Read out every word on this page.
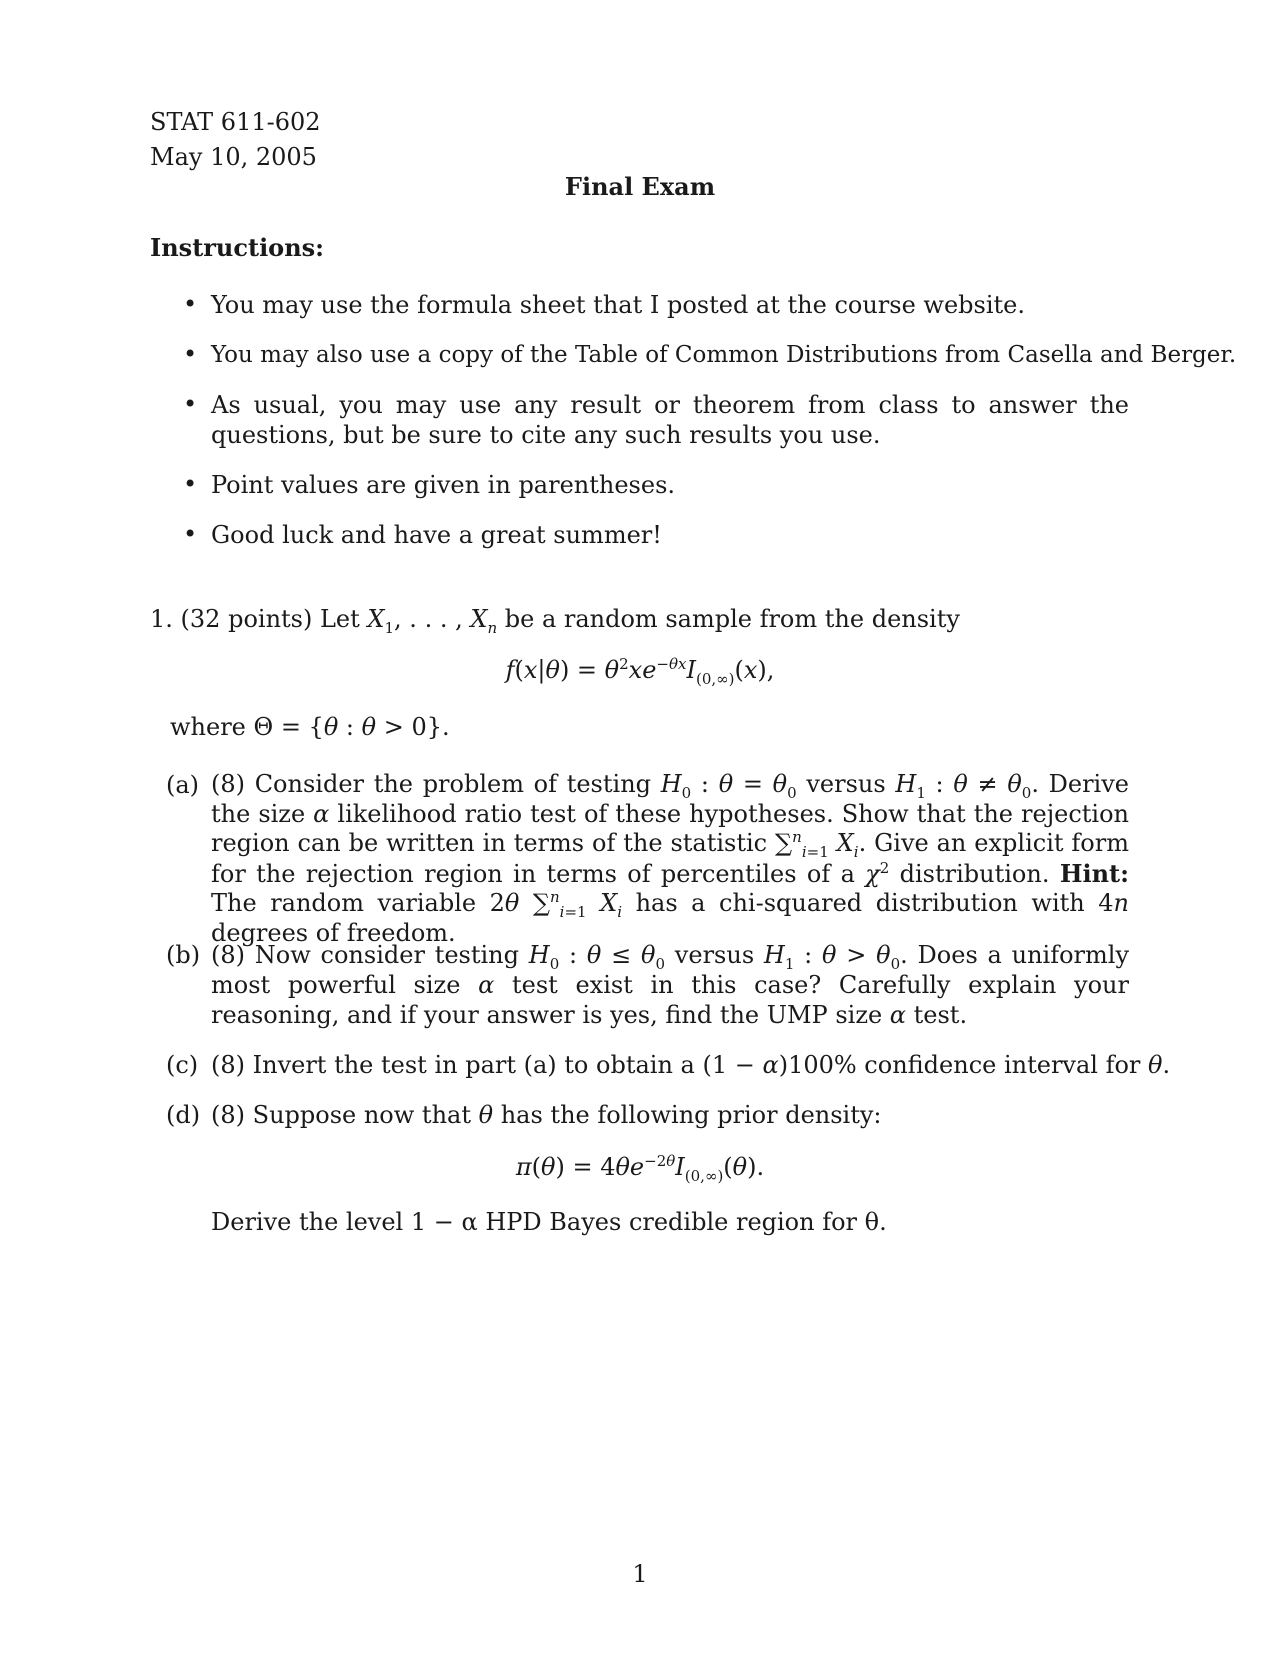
STAT 611-602
May 10, 2005
Final Exam
Instructions:
• You may use the formula sheet that I posted at the course website.
• You may also use a copy of the Table of Common Distributions from Casella and Berger.
• As usual, you may use any result or theorem from class to answer the questions, but be sure to cite any such results you use.
• Point values are given in parentheses.
• Good luck and have a great summer!
1. (32 points) Let $X_1$, . . . , $X_n$ be a random sample from the density
$f(x|\theta) = \theta^2xe^{-\theta x}I_{(0,\infty)}(x)$,
where Θ = {θ : θ > 0}.
(a) (8) Consider the problem of testing $H_0$ : $\theta = \theta_0$ versus $H_1$ : $\theta \ne \theta_0$. Derive the size α likelihood ratio test of these hypotheses. Show that the rejection region can be written in terms of the statistic ∑$^n_{i=1}$ $X_i$. Give an explicit form for the rejection region in terms of percentiles of a $\chi^2$ distribution. Hint: The random variable 2θ ∑$^n_{i=1}$ $X_i$ has a chi-squared distribution with 4n degrees of freedom.
(b) (8) Now consider testing $H_0$ : $\theta \le \theta_0$ versus $H_1$ : $\theta > \theta_0$. Does a uniformly most powerful size α test exist in this case? Carefully explain your reasoning, and if your answer is yes, find the UMP size α test.
(c) (8) Invert the test in part (a) to obtain a (1 − α)100% confidence interval for θ.
(d) (8) Suppose now that θ has the following prior density:
$\pi(\theta) = 4\theta e^{-2\theta}I_{(0,\infty)}(\theta)$.
Derive the level 1 − α HPD Bayes credible region for θ.
1
